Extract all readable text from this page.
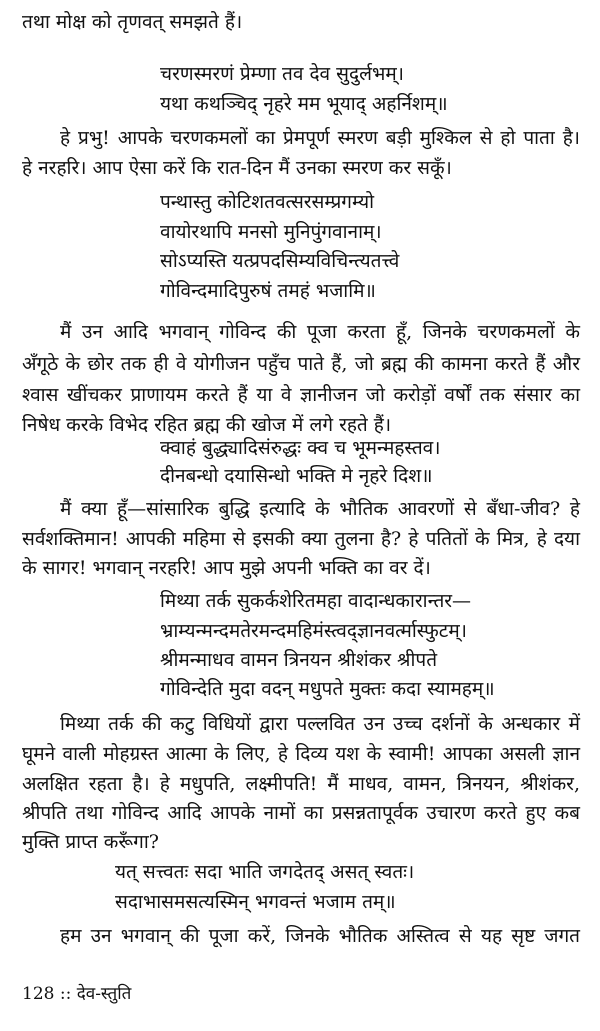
तथा मोक्ष को तृणवत् समझते हैं।
चरणस्मरणं प्रेम्णा तव देव सुदुर्लभम्।
यथा कथञ्चिद् नृहरे मम भूयाद् अहर्निशम्॥
हे प्रभु! आपके चरणकमलों का प्रेमपूर्ण स्मरण बड़ी मुश्किल से हो पाता है।
हे नरहरि। आप ऐसा करें कि रात-दिन मैं उनका स्मरण कर सकूँ।
पन्थास्तु कोटिशतवत्सरसम्प्रगम्यो
वायोरथापि मनसो मुनिपुंगवानाम्।
सोऽप्यस्ति यत्प्रपदसिम्यविचिन्त्यतत्त्वे
गोविन्दमादिपुरुषं तमहं भजामि॥
मैं उन आदि भगवान् गोविन्द की पूजा करता हूँ, जिनके चरणकमलों के
अँगूठे के छोर तक ही वे योगीजन पहुँच पाते हैं, जो ब्रह्म की कामना करते हैं और
श्वास खींचकर प्राणायम करते हैं या वे ज्ञानीजन जो करोड़ों वर्षों तक संसार का
निषेध करके विभेद रहित ब्रह्म की खोज में लगे रहते हैं।
क्वाहं बुद्ध्यादिसंरुद्धः क्व च भूमन्महस्तव।
दीनबन्धो दयासिन्धो भक्ति मे नृहरे दिश॥
मैं क्या हूँ—सांसारिक बुद्धि इत्यादि के भौतिक आवरणों से बँधा-जीव? हे
सर्वशक्तिमान! आपकी महिमा से इसकी क्या तुलना है? हे पतितों के मित्र, हे दया
के सागर! भगवान् नरहरि! आप मुझे अपनी भक्ति का वर दें।
मिथ्या तर्क सुकर्कशेरितमहा वादान्धकारान्तर—
भ्राम्यन्मन्दमतेरमन्दमहिमंस्त्वद्ज्ञानवर्त्मास्फुटम्।
श्रीमन्माधव वामन त्रिनयन श्रीशंकर श्रीपते
गोविन्देति मुदा वदन् मधुपते मुक्तः कदा स्यामहम्॥
मिथ्या तर्क की कटु विधियों द्वारा पल्लवित उन उच्च दर्शनों के अन्धकार में
घूमने वाली मोहग्रस्त आत्मा के लिए, हे दिव्य यश के स्वामी! आपका असली ज्ञान
अलक्षित रहता है। हे मधुपति, लक्ष्मीपति! मैं माधव, वामन, त्रिनयन, श्रीशंकर,
श्रीपति तथा गोविन्द आदि आपके नामों का प्रसन्नतापूर्वक उचारण करते हुए कब
मुक्ति प्राप्त करूँगा?
यत् सत्त्वतः सदा भाति जगदेतद् असत् स्वतः।
सदाभासमसत्यस्मिन् भगवन्तं भजाम तम्॥
हम उन भगवान् की पूजा करें, जिनके भौतिक अस्तित्व से यह सृष्ट जगत
128 :: देव-स्तुति
